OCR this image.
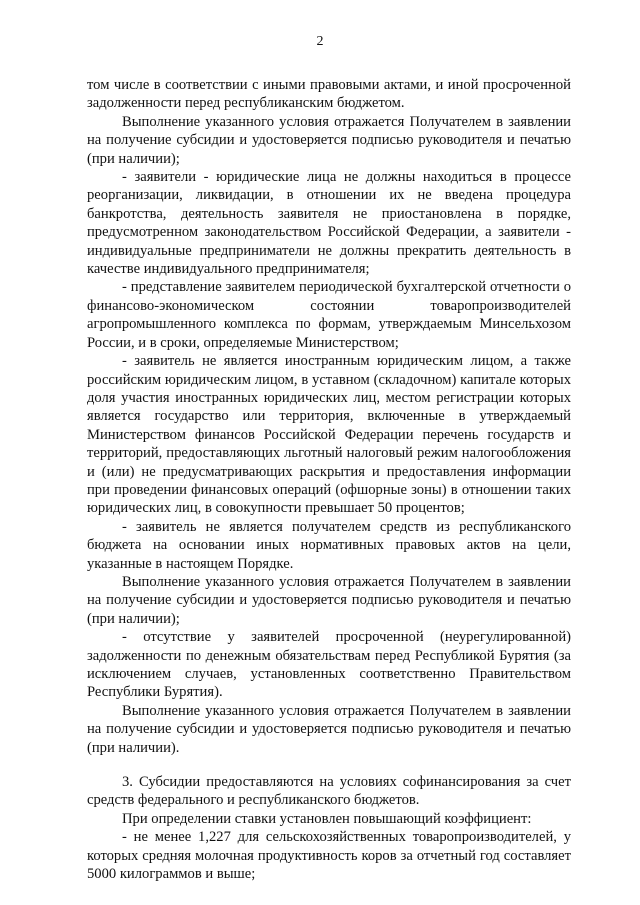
2

том числе в соответствии с иными правовыми актами, и иной просроченной задолженности перед республиканским бюджетом.

Выполнение указанного условия отражается Получателем в заявлении на получение субсидии и удостоверяется подписью руководителя и печатью (при наличии);

- заявители - юридические лица не должны находиться в процессе реорганизации, ликвидации, в отношении их не введена процедура банкротства, деятельность заявителя не приостановлена в порядке, предусмотренном законодательством Российской Федерации, а заявители - индивидуальные предприниматели не должны прекратить деятельность в качестве индивидуального предпринимателя;

- представление заявителем периодической бухгалтерской отчетности о финансово-экономическом состоянии товаропроизводителей агропромышленного комплекса по формам, утверждаемым Минсельхозом России, и в сроки, определяемые Министерством;

- заявитель не является иностранным юридическим лицом, а также российским юридическим лицом, в уставном (складочном) капитале которых доля участия иностранных юридических лиц, местом регистрации которых является государство или территория, включенные в утверждаемый Министерством финансов Российской Федерации перечень государств и территорий, предоставляющих льготный налоговый режим налогообложения и (или) не предусматривающих раскрытия и предоставления информации при проведении финансовых операций (офшорные зоны) в отношении таких юридических лиц, в совокупности превышает 50 процентов;

- заявитель не является получателем средств из республиканского бюджета на основании иных нормативных правовых актов на цели, указанные в настоящем Порядке.

Выполнение указанного условия отражается Получателем в заявлении на получение субсидии и удостоверяется подписью руководителя и печатью (при наличии);

- отсутствие у заявителей просроченной (неурегулированной) задолженности по денежным обязательствам перед Республикой Бурятия (за исключением случаев, установленных соответственно Правительством Республики Бурятия).

Выполнение указанного условия отражается Получателем в заявлении на получение субсидии и удостоверяется подписью руководителя и печатью (при наличии).

3. Субсидии предоставляются на условиях софинансирования за счет средств федерального и республиканского бюджетов.

При определении ставки установлен повышающий коэффициент:

- не менее 1,227 для сельскохозяйственных товаропроизводителей, у которых средняя молочная продуктивность коров за отчетный год составляет 5000 килограммов и выше;
